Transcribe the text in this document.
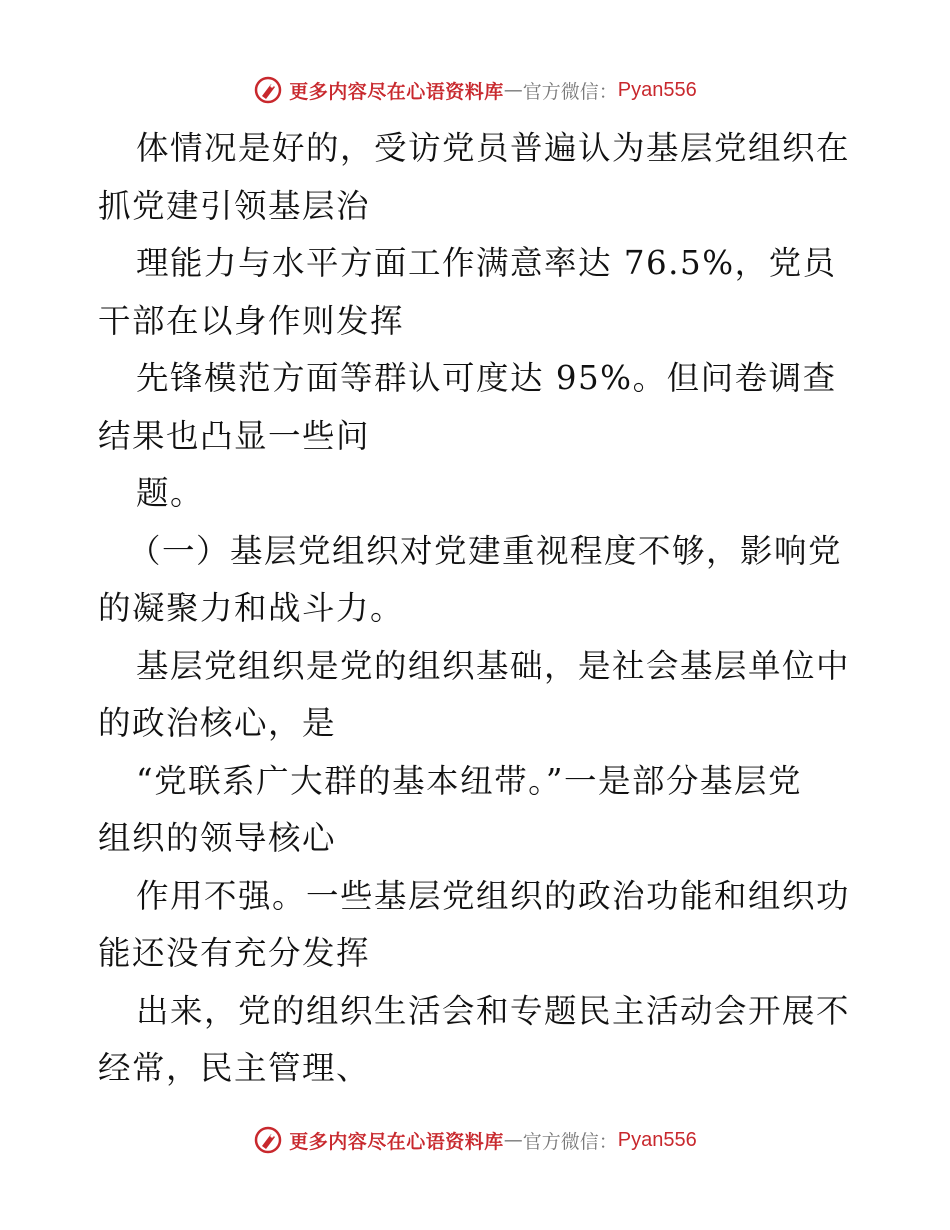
更多内容尽在心语资料库 — 官方微信： Pyan556
体情况是好的，受访党员普遍认为基层党组织在
抓党建引领基层治
理能力与水平方面工作满意率达 76.5%，党员
干部在以身作则发挥
先锋模范方面等群认可度达 95%。但问卷调查
结果也凸显一些问
题。
（一）基层党组织对党建重视程度不够，影响党
的凝聚力和战斗力。
基层党组织是党的组织基础，是社会基层单位中
的政治核心，是
“党联系广大群的基本纽带。”一是部分基层党
组织的领导核心
作用不强。一些基层党组织的政治功能和组织功
能还没有充分发挥
出来，党的组织生活会和专题民主活动会开展不
经常，民主管理、
更多内容尽在心语资料库 — 官方微信： Pyan556
